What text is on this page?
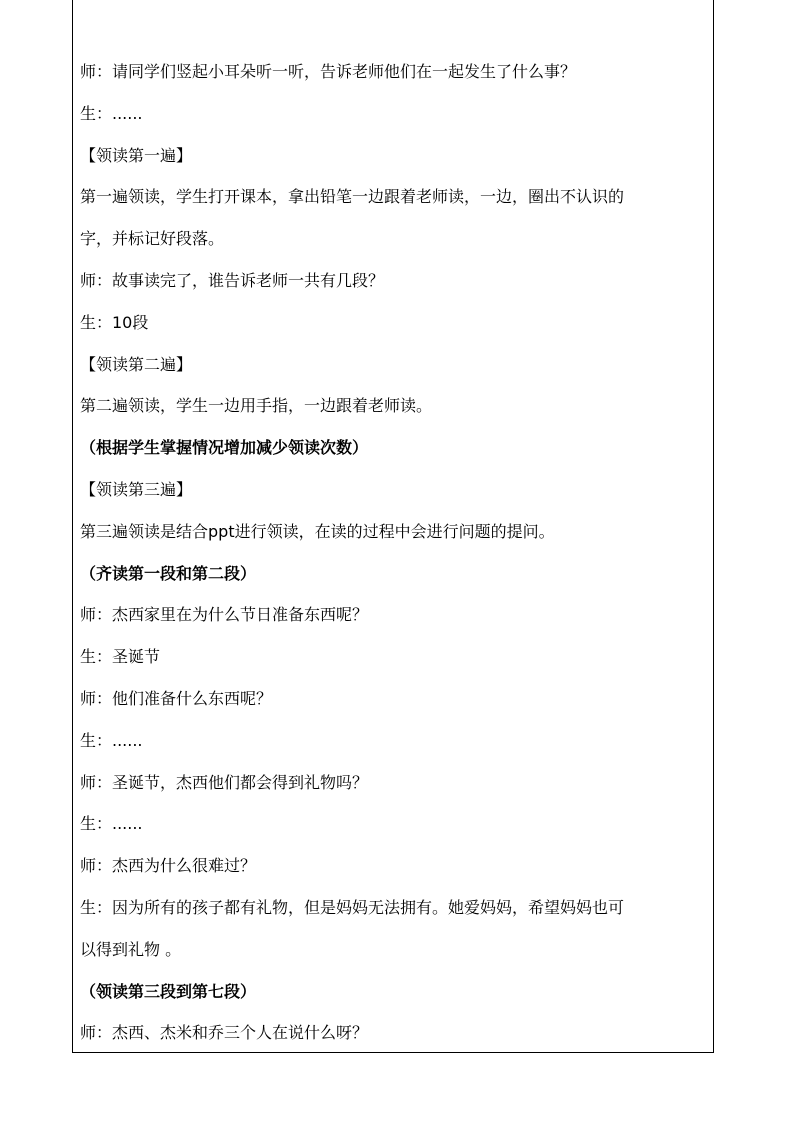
师：请同学们竖起小耳朵听一听，告诉老师他们在一起发生了什么事？

生：......

【领读第一遍】

第一遍领读，学生打开课本，拿出铅笔一边跟着老师读，一边，圈出不认识的

字，并标记好段落。

师：故事读完了，谁告诉老师一共有几段？

生：10段

【领读第二遍】

第二遍领读，学生一边用手指，一边跟着老师读。

（根据学生掌握情况增加减少领读次数）

【领读第三遍】

第三遍领读是结合ppt进行领读，在读的过程中会进行问题的提问。

（齐读第一段和第二段）

师：杰西家里在为什么节日准备东西呢？

生：圣诞节

师：他们准备什么东西呢？

生：......

师：圣诞节，杰西他们都会得到礼物吗？

生：......

师：杰西为什么很难过？

生：因为所有的孩子都有礼物，但是妈妈无法拥有。她爱妈妈，希望妈妈也可

以得到礼物 。

（领读第三段到第七段）

师：杰西、杰米和乔三个人在说什么呀？
